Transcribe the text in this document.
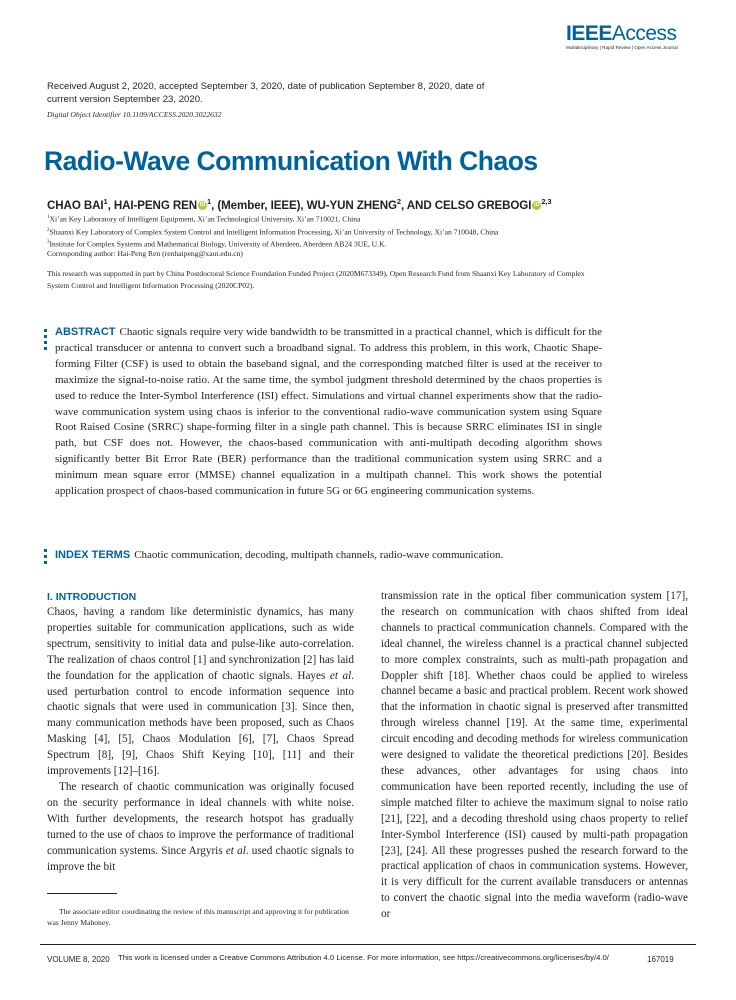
IEEEAccess
Multidisciplinary | Rapid Review | Open Access Journal
Received August 2, 2020, accepted September 3, 2020, date of publication September 8, 2020, date of current version September 23, 2020.
Digital Object Identifier 10.1109/ACCESS.2020.3022632
Radio-Wave Communication With Chaos
CHAO BAI$^1$, HAI-PENG REN iD $^1$, (Member, IEEE), WU-YUN ZHENG$^2$, AND CELSO GREBOGI iD $^{2,3}$
$^1$Xi’an Key Laboratory of Intelligent Equipment, Xi’an Technological University, Xi’an 710021, China
$^2$Shaanxi Key Laboratory of Complex System Control and Intelligent Information Processing, Xi’an University of Technology, Xi’an 710048, China
$^3$Institute for Complex Systems and Mathematical Biology, University of Aberdeen, Aberdeen AB24 3UE, U.K.
Corresponding author: Hai-Peng Ren (renhaipeng@xaut.edu.cn)
This research was supported in part by China Postdoctoral Science Foundation Funded Project (2020M673349), Open Research Fund from Shaanxi Key Laboratory of Complex System Control and Intelligent Information Processing (2020CP02).
ABSTRACT Chaotic signals require very wide bandwidth to be transmitted in a practical channel, which is difficult for the practical transducer or antenna to convert such a broadband signal. To address this problem, in this work, Chaotic Shape-forming Filter (CSF) is used to obtain the baseband signal, and the corresponding matched filter is used at the receiver to maximize the signal-to-noise ratio. At the same time, the symbol judgment threshold determined by the chaos properties is used to reduce the Inter-Symbol Interference (ISI) effect. Simulations and virtual channel experiments show that the radio-wave communication system using chaos is inferior to the conventional radio-wave communication system using Square Root Raised Cosine (SRRC) shape-forming filter in a single path channel. This is because SRRC eliminates ISI in single path, but CSF does not. However, the chaos-based communication with anti-multipath decoding algorithm shows significantly better Bit Error Rate (BER) performance than the traditional communication system using SRRC and a minimum mean square error (MMSE) channel equalization in a multipath channel. This work shows the potential application prospect of chaos-based communication in future 5G or 6G engineering communication systems.
INDEX TERMS Chaotic communication, decoding, multipath channels, radio-wave communication.
I. INTRODUCTION

Chaos, having a random like deterministic dynamics, has many properties suitable for communication applications, such as wide spectrum, sensitivity to initial data and pulse-like auto-correlation. The realization of chaos control [1] and synchronization [2] has laid the foundation for the application of chaotic signals. Hayes et al. used perturbation control to encode information sequence into chaotic signals that were used in communication [3]. Since then, many communication methods have been proposed, such as Chaos Masking [4], [5], Chaos Modulation [6], [7], Chaos Spread Spectrum [8], [9], Chaos Shift Keying [10], [11] and their improvements [12]–[16].

The research of chaotic communication was originally focused on the security performance in ideal channels with white noise. With further developments, the research hotspot has gradually turned to the use of chaos to improve the performance of traditional communication systems. Since Argyris et al. used chaotic signals to improve the bit

transmission rate in the optical fiber communication system [17], the research on communication with chaos shifted from ideal channels to practical communication channels. Compared with the ideal channel, the wireless channel is a practical channel subjected to more complex constraints, such as multi-path propagation and Doppler shift [18]. Whether chaos could be applied to wireless channel became a basic and practical problem. Recent work showed that the information in chaotic signal is preserved after transmitted through wireless channel [19]. At the same time, experimental circuit encoding and decoding methods for wireless communication were designed to validate the theoretical predictions [20]. Besides these advances, other advantages for using chaos into communication have been reported recently, including the use of simple matched filter to achieve the maximum signal to noise ratio [21], [22], and a decoding threshold using chaos property to relief Inter-Symbol Interference (ISI) caused by multi-path propagation [23], [24]. All these progresses pushed the research forward to the practical application of chaos in communication systems. However, it is very difficult for the current available transducers or antennas to convert the chaotic signal into the media waveform (radio-wave or
The associate editor coordinating the review of this manuscript and approving it for publication was Jenny Mahoney.
VOLUME 8, 2020 This work is licensed under a Creative Commons Attribution 4.0 License. For more information, see https://creativecommons.org/licenses/by/4.0/	167019
